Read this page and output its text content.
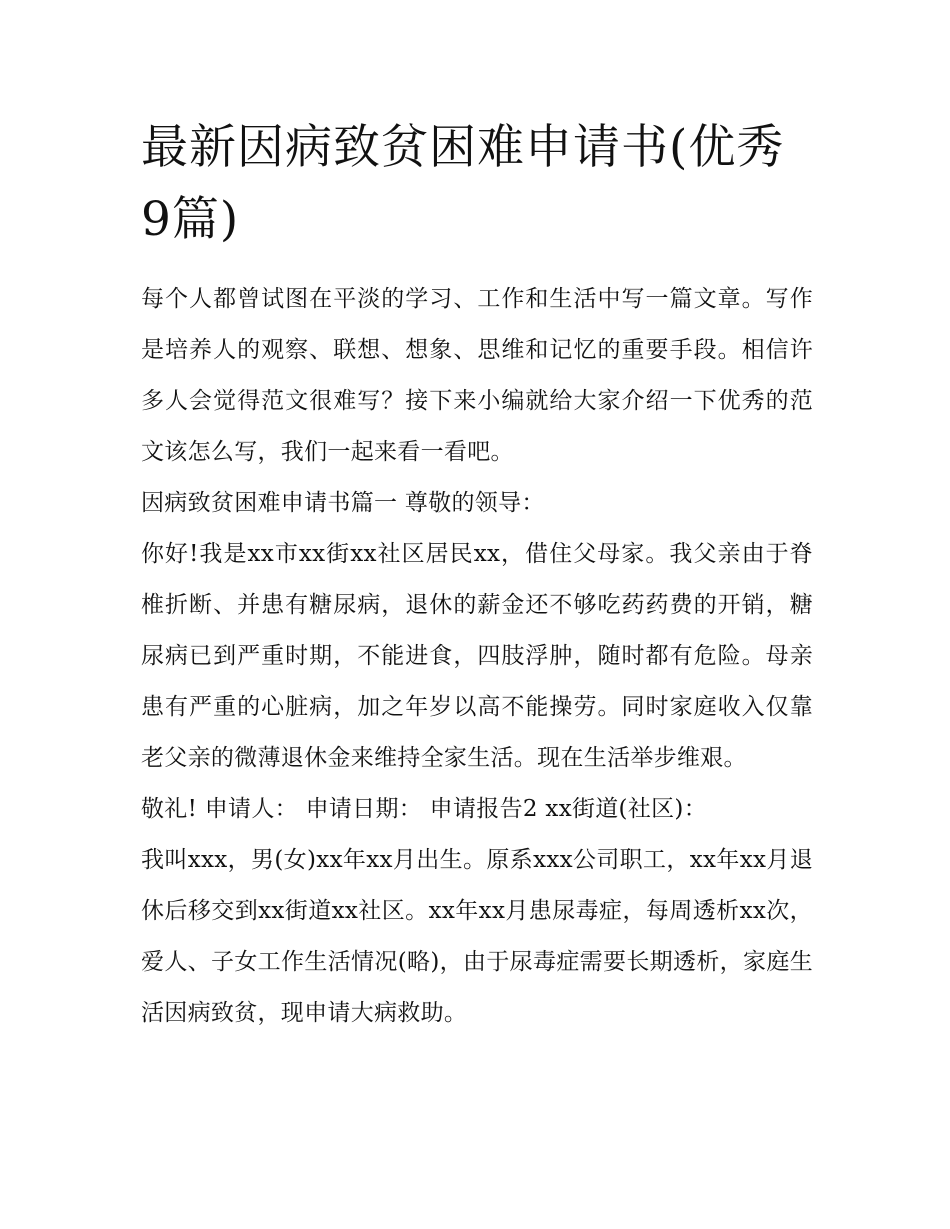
最新因病致贫困难申请书(优秀9篇)

每个人都曾试图在平淡的学习、工作和生活中写一篇文章。写作是培养人的观察、联想、想象、思维和记忆的重要手段。相信许多人会觉得范文很难写？接下来小编就给大家介绍一下优秀的范文该怎么写，我们一起来看一看吧。

因病致贫困难申请书篇一 尊敬的领导：

你好!我是xx市xx街xx社区居民xx，借住父母家。我父亲由于脊椎折断、并患有糖尿病，退休的薪金还不够吃药药费的开销，糖尿病已到严重时期，不能进食，四肢浮肿，随时都有危险。母亲患有严重的心脏病，加之年岁以高不能操劳。同时家庭收入仅靠老父亲的微薄退休金来维持全家生活。现在生活举步维艰。

敬礼! 申请人： 申请日期： 申请报告2 xx街道(社区)：

我叫xxx，男(女)xx年xx月出生。原系xxx公司职工，xx年xx月退休后移交到xx街道xx社区。xx年xx月患尿毒症，每周透析xx次，爱人、子女工作生活情况(略)，由于尿毒症需要长期透析，家庭生活因病致贫，现申请大病救助。
